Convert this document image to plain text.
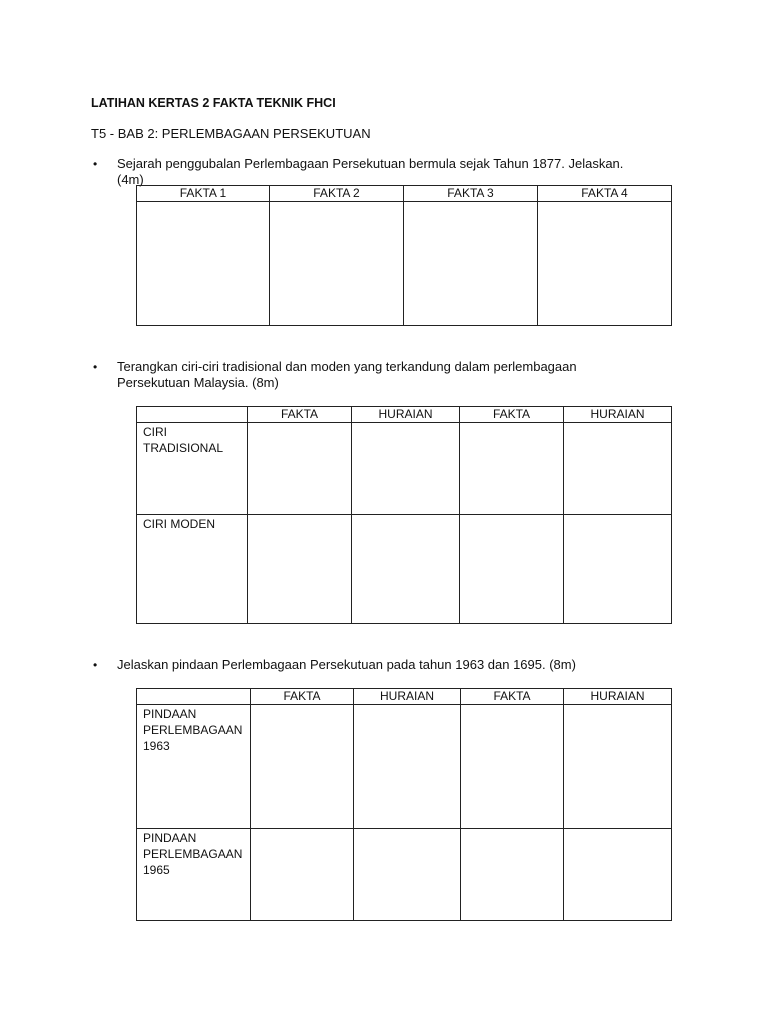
LATIHAN KERTAS 2 FAKTA TEKNIK FHCI
T5 - BAB 2: PERLEMBAGAAN PERSEKUTUAN
• Sejarah penggubalan Perlembagaan Persekutuan bermula sejak Tahun 1877. Jelaskan. (4m)
FAKTA 1	FAKTA 2	FAKTA 3	FAKTA 4

• Terangkan ciri-ciri tradisional dan moden yang terkandung dalam perlembagaan Persekutuan Malaysia. (8m)
	FAKTA	HURAIAN	FAKTA	HURAIAN
CIRI TRADISIONAL				
CIRI MODEN				
• Jelaskan pindaan Perlembagaan Persekutuan pada tahun 1963 dan 1695. (8m)
	FAKTA	HURAIAN	FAKTA	HURAIAN
PINDAAN PERLEMBAGAAN 1963				
PINDAAN PERLEMBAGAAN 1965				
